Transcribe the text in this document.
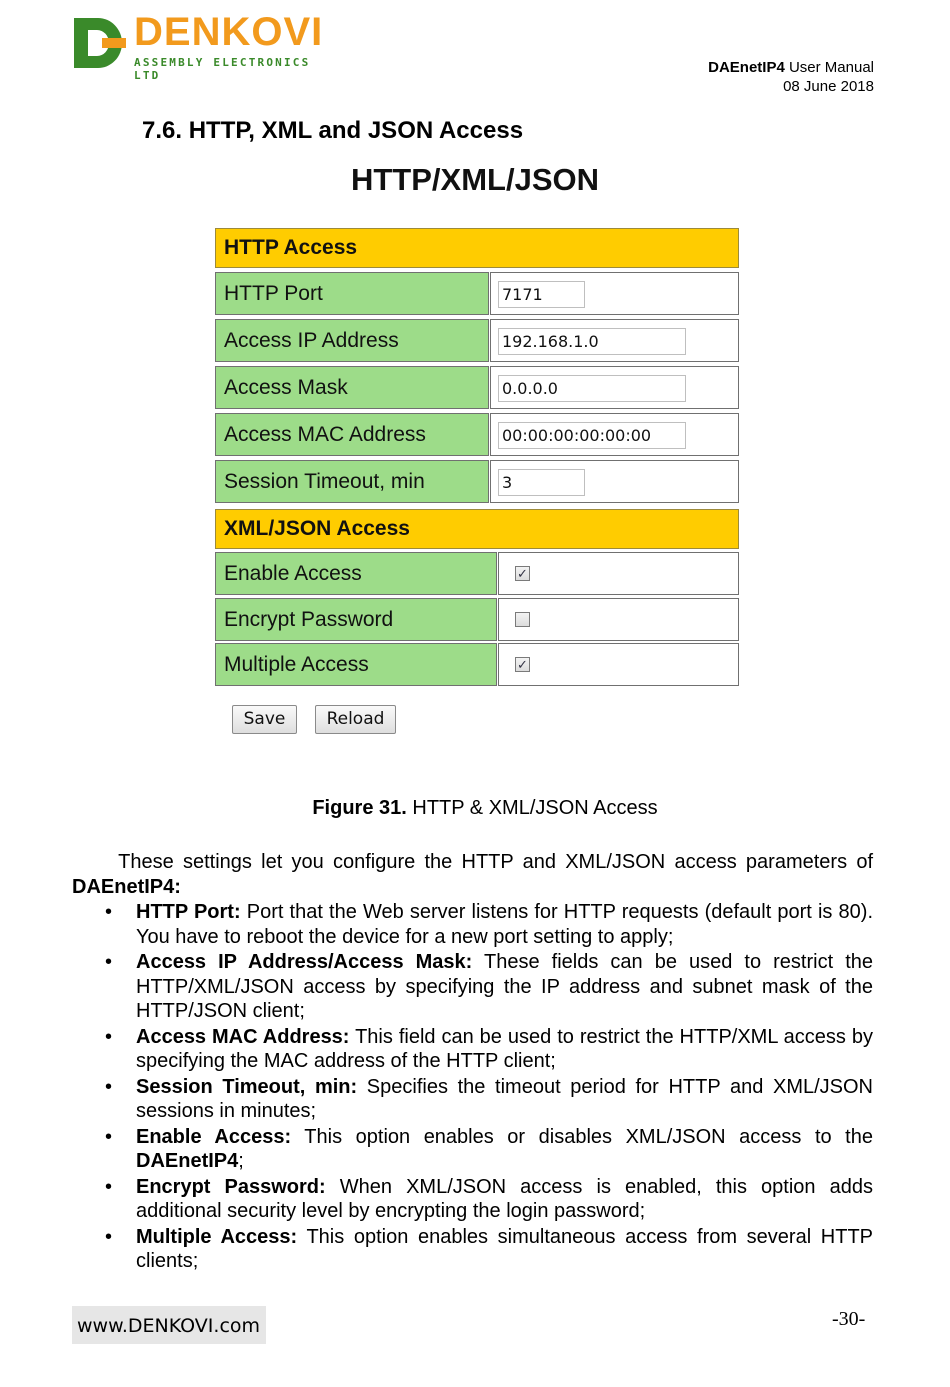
DENKOVI
ASSEMBLY ELECTRONICS LTD	DAEnetIP4 User Manual
08 June 2018
7.6. HTTP, XML and JSON Access
HTTP/XML/JSON
HTTP Access
HTTP Port	7171
Access IP Address	192.168.1.0
Access Mask	0.0.0.0
Access MAC Address	00:00:00:00:00:00
Session Timeout, min	3
XML/JSON Access
Enable Access	✓
Encrypt Password
Multiple Access	✓
Save	Reload
Figure 31. HTTP & XML/JSON Access
These settings let you configure the HTTP and XML/JSON access parameters of DAEnetIP4:
• HTTP Port: Port that the Web server listens for HTTP requests (default port is 80). You have to reboot the device for a new port setting to apply;
• Access IP Address/Access Mask: These fields can be used to restrict the HTTP/XML/JSON access by specifying the IP address and subnet mask of the HTTP/JSON client;
• Access MAC Address: This field can be used to restrict the HTTP/XML access by specifying the MAC address of the HTTP client;
• Session Timeout, min: Specifies the timeout period for HTTP and XML/JSON sessions in minutes;
• Enable Access: This option enables or disables XML/JSON access to the DAEnetIP4;
• Encrypt Password: When XML/JSON access is enabled, this option adds additional security level by encrypting the login password;
• Multiple Access: This option enables simultaneous access from several HTTP clients;
www.DENKOVI.com	-30-
